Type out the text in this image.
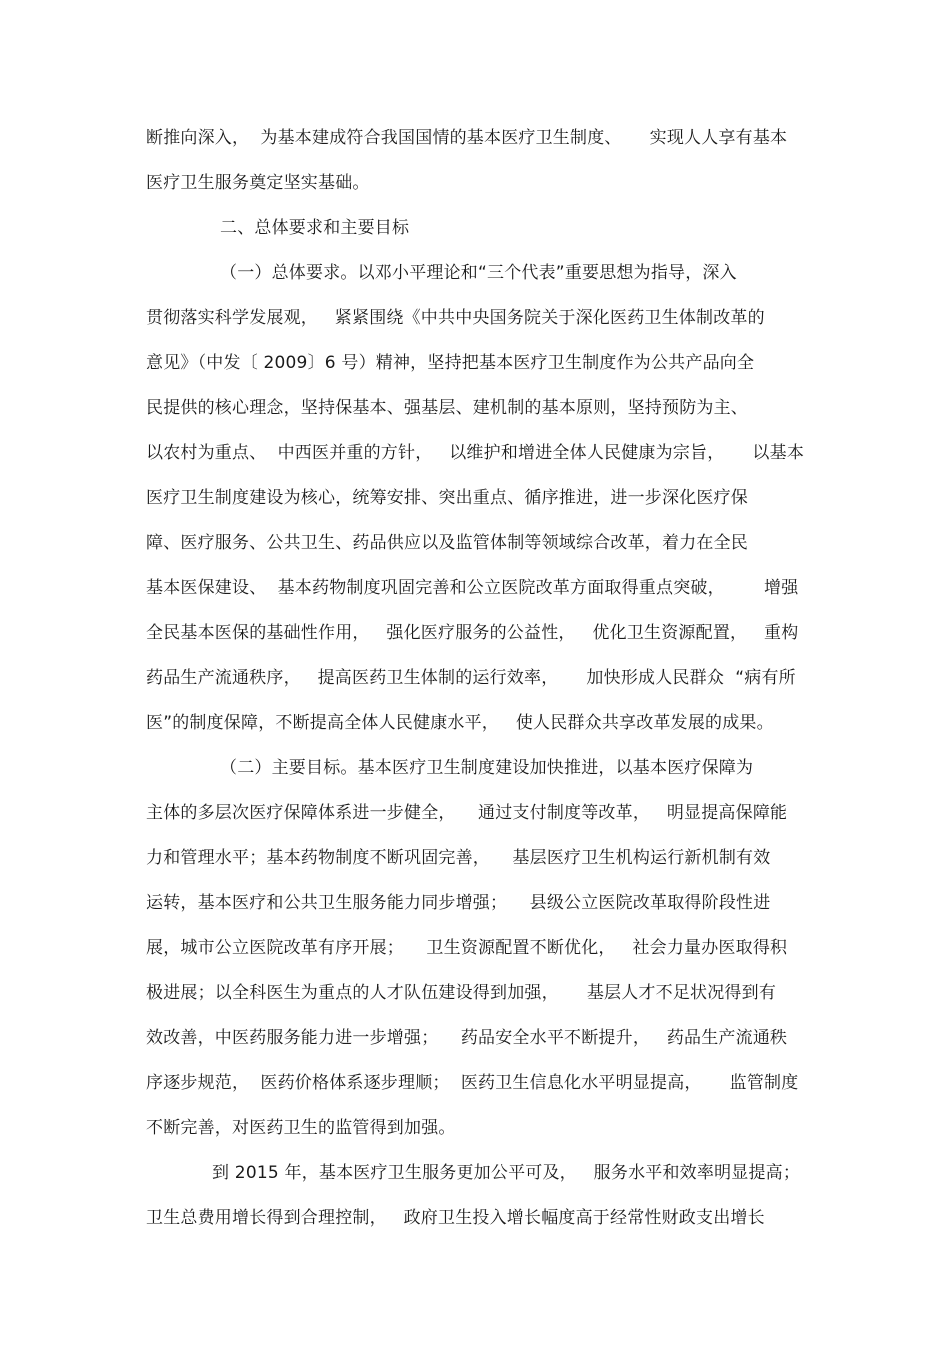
断推向深入，  为基本建成符合我国国情的基本医疗卫生制度、     实现人人享有基本
医疗卫生服务奠定坚实基础。
二、总体要求和主要目标
（一）总体要求。以邓小平理论和“三个代表”重要思想为指导，深入
贯彻落实科学发展观，   紧紧围绕《中共中央国务院关于深化医药卫生体制改革的
意见》（中发〔 2009〕6 号）精神，坚持把基本医疗卫生制度作为公共产品向全
民提供的核心理念，坚持保基本、强基层、建机制的基本原则，坚持预防为主、
以农村为重点、  中西医并重的方针，   以维护和增进全体人民健康为宗旨，     以基本
医疗卫生制度建设为核心，统筹安排、突出重点、循序推进，进一步深化医疗保
障、医疗服务、公共卫生、药品供应以及监管体制等领域综合改革，着力在全民
基本医保建设、  基本药物制度巩固完善和公立医院改革方面取得重点突破，       增强
全民基本医保的基础性作用，   强化医疗服务的公益性，   优化卫生资源配置，   重构
药品生产流通秩序，   提高医药卫生体制的运行效率，     加快形成人民群众  “病有所
医”的制度保障，不断提高全体人民健康水平，   使人民群众共享改革发展的成果。
（二）主要目标。基本医疗卫生制度建设加快推进，以基本医疗保障为
主体的多层次医疗保障体系进一步健全，    通过支付制度等改革，   明显提高保障能
力和管理水平；基本药物制度不断巩固完善，    基层医疗卫生机构运行新机制有效
运转，基本医疗和公共卫生服务能力同步增强；    县级公立医院改革取得阶段性进
展，城市公立医院改革有序开展；    卫生资源配置不断优化，   社会力量办医取得积
极进展；以全科医生为重点的人才队伍建设得到加强，     基层人才不足状况得到有
效改善，中医药服务能力进一步增强；    药品安全水平不断提升，   药品生产流通秩
序逐步规范，  医药价格体系逐步理顺；  医药卫生信息化水平明显提高，     监管制度
不断完善，对医药卫生的监管得到加强。
到 2015 年，基本医疗卫生服务更加公平可及，   服务水平和效率明显提高；
卫生总费用增长得到合理控制，   政府卫生投入增长幅度高于经常性财政支出增长
